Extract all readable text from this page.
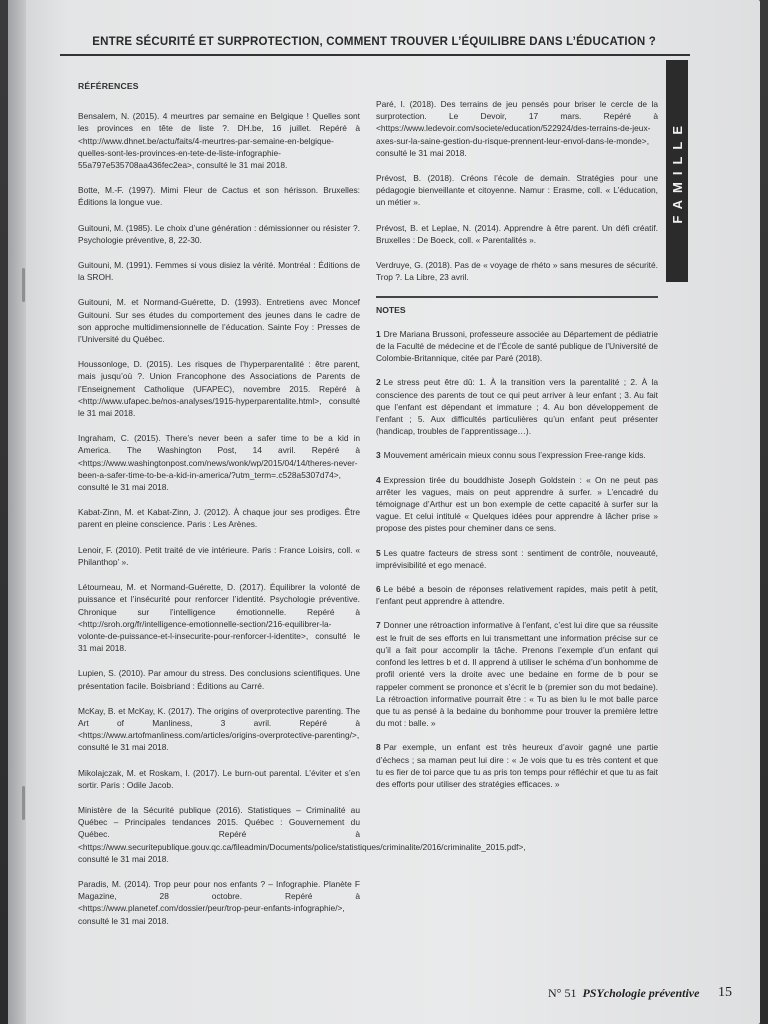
ENTRE SÉCURITÉ ET SURPROTECTION, COMMENT TROUVER L’ÉQUILIBRE DANS L’ÉDUCATION ?
FAMILLE
RÉFÉRENCES

Bensalem, N. (2015). 4 meurtres par semaine en Belgique ! Quelles sont les provinces en tête de liste ?. DH.be, 16 juillet. Repéré à <http://www.dhnet.be/actu/faits/4-meurtres-par-semaine-en-belgique-quelles-sont-les-provinces-en-tete-de-liste-infographie-55a797e535708aa436fec2ea>, consulté le 31 mai 2018.

Botte, M.-F. (1997). Mimi Fleur de Cactus et son hérisson. Bruxelles: Éditions la longue vue.

Guitouni, M. (1985). Le choix d’une génération : démissionner ou résister ?. Psychologie préventive, 8, 22-30.

Guitouni, M. (1991). Femmes si vous disiez la vérité. Montréal : Éditions de la SROH.

Guitouni, M. et Normand-Guérette, D. (1993). Entretiens avec Moncef Guitouni. Sur ses études du comportement des jeunes dans le cadre de son approche multidimensionnelle de l’éducation. Sainte Foy : Presses de l’Université du Québec.

Houssonloge, D. (2015). Les risques de l’hyperparentalité : être parent, mais jusqu’où ?. Union Francophone des Associations de Parents de l’Enseignement Catholique (UFAPEC), novembre 2015. Repéré à <http://www.ufapec.be/nos-analyses/1915-hyperparentalite.html>, consulté le 31 mai 2018.

Ingraham, C. (2015). There’s never been a safer time to be a kid in America. The Washington Post, 14 avril. Repéré à <https://www.washingtonpost.com/news/wonk/wp/2015/04/14/theres-never-been-a-safer-time-to-be-a-kid-in-america/?utm_term=.c528a5307d74>, consulté le 31 mai 2018.

Kabat-Zinn, M. et Kabat-Zinn, J. (2012). À chaque jour ses prodiges. Être parent en pleine conscience. Paris : Les Arènes.

Lenoir, F. (2010). Petit traité de vie intérieure. Paris : France Loisirs, coll. « Philanthop’ ».

Létourneau, M. et Normand-Guérette, D. (2017). Équilibrer la volonté de puissance et l’insécurité pour renforcer l’identité. Psychologie préventive. Chronique sur l’intelligence émotionnelle. Repéré à <http://sroh.org/fr/intelligence-emotionnelle-section/216-equilibrer-la-volonte-de-puissance-et-l-insecurite-pour-renforcer-l-identite>, consulté le 31 mai 2018.

Lupien, S. (2010). Par amour du stress. Des conclusions scientifiques. Une présentation facile. Boisbriand : Éditions au Carré.

McKay, B. et McKay, K. (2017). The origins of overprotective parenting. The Art of Manliness, 3 avril. Repéré à <https://www.artofmanliness.com/articles/origins-overprotective-parenting/>, consulté le 31 mai 2018.

Mikolajczak, M. et Roskam, I. (2017). Le burn-out parental. L’éviter et s’en sortir. Paris : Odile Jacob.

Ministère de la Sécurité publique (2016). Statistiques – Criminalité au Québec – Principales tendances 2015. Québec : Gouvernement du Québec. Repéré à <https://www.securitepublique.gouv.qc.ca/fileadmin/Documents/police/statistiques/criminalite/2016/criminalite_2015.pdf>, consulté le 31 mai 2018.

Paradis, M. (2014). Trop peur pour nos enfants ? – Infographie. Planète F Magazine, 28 octobre. Repéré à <https://www.planetef.com/dossier/peur/trop-peur-enfants-infographie/>, consulté le 31 mai 2018.

Paré, I. (2018). Des terrains de jeu pensés pour briser le cercle de la surprotection. Le Devoir, 17 mars. Repéré à <https://www.ledevoir.com/societe/education/522924/des-terrains-de-jeux-axes-sur-la-saine-gestion-du-risque-prennent-leur-envol-dans-le-monde>, consulté le 31 mai 2018.

Prévost, B. (2018). Créons l’école de demain. Stratégies pour une pédagogie bienveillante et citoyenne. Namur : Erasme, coll. « L’éducation, un métier ».

Prévost, B. et Leplae, N. (2014). Apprendre à être parent. Un défi créatif. Bruxelles : De Boeck, coll. « Parentalités ».

Verdruye, G. (2018). Pas de « voyage de rhéto » sans mesures de sécurité. Trop ?. La Libre, 23 avril.

NOTES

1 Dre Mariana Brussoni, professeure associée au Département de pédiatrie de la Faculté de médecine et de l’École de santé publique de l’Université de Colombie-Britannique, citée par Paré (2018).

2 Le stress peut être dû: 1. À la transition vers la parentalité ; 2. À la conscience des parents de tout ce qui peut arriver à leur enfant ; 3. Au fait que l’enfant est dépendant et immature ; 4. Au bon développement de l’enfant ; 5. Aux difficultés particulières qu’un enfant peut présenter (handicap, troubles de l’apprentissage…).

3 Mouvement américain mieux connu sous l’expression Free-range kids.

4 Expression tirée du bouddhiste Joseph Goldstein : « On ne peut pas arrêter les vagues, mais on peut apprendre à surfer. » L’encadré du témoignage d’Arthur est un bon exemple de cette capacité à surfer sur la vague. Et celui intitulé « Quelques idées pour apprendre à lâcher prise » propose des pistes pour cheminer dans ce sens.

5 Les quatre facteurs de stress sont : sentiment de contrôle, nouveauté, imprévisibilité et ego menacé.

6 Le bébé a besoin de réponses relativement rapides, mais petit à petit, l’enfant peut apprendre à attendre.

7 Donner une rétroaction informative à l’enfant, c’est lui dire que sa réussite est le fruit de ses efforts en lui transmettant une information précise sur ce qu’il a fait pour accomplir la tâche. Prenons l’exemple d’un enfant qui confond les lettres b et d. Il apprend à utiliser le schéma d’un bonhomme de profil orienté vers la droite avec une bedaine en forme de b pour se rappeler comment se prononce et s’écrit le b (premier son du mot bedaine). La rétroaction informative pourrait être : « Tu as bien lu le mot balle parce que tu as pensé à la bedaine du bonhomme pour trouver la première lettre du mot : balle. »

8 Par exemple, un enfant est très heureux d’avoir gagné une partie d’échecs ; sa maman peut lui dire : « Je vois que tu es très content et que tu es fier de toi parce que tu as pris ton temps pour réfléchir et que tu as fait des efforts pour utiliser des stratégies efficaces. »

N° 51 PSYchologie préventive 15
